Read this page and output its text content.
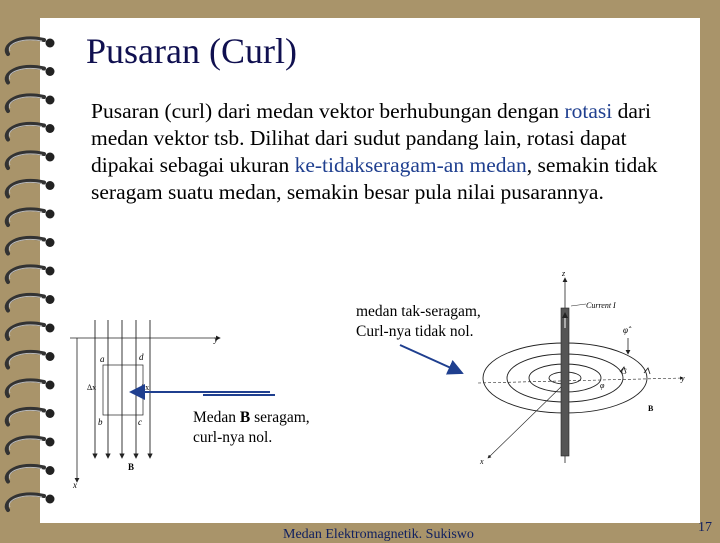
Pusaran (Curl)
Pusaran (curl) dari medan vektor berhubungan dengan rotasi dari medan vektor tsb. Dilihat dari sudut pandang lain, rotasi dapat dipakai sebagai ukuran ke-tidakseragam-an medan, semakin tidak seragam suatu medan, semakin besar pula nilai pusarannya.
y
x
a	d
b	c
Δx	Δx
B
z
y
x
Current I
C
B
φ
φ̂
medan tak-seragam,
Curl-nya tidak nol.
Medan B seragam,
curl-nya nol.
Medan Elektromagnetik. Sukiswo	17
